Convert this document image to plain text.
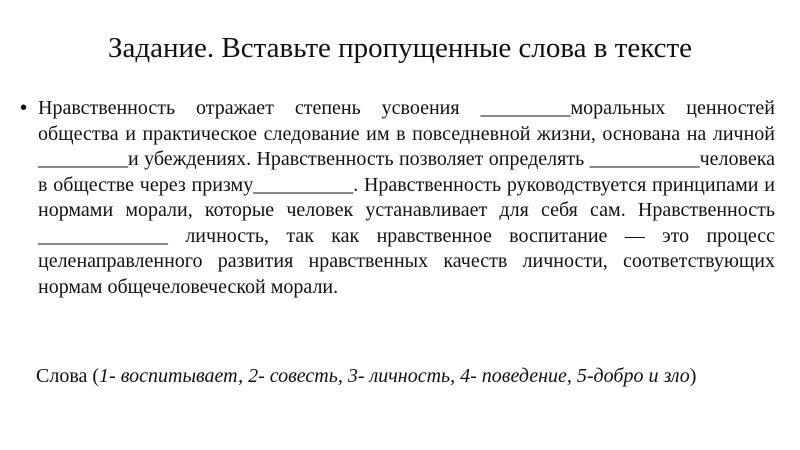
Задание. Вставьте пропущенные слова в тексте
• Нравственность отражает степень усвоения _________моральных ценностей общества и практическое следование им в повседневной жизни, основана на личной _________и убеждениях. Нравственность позволяет определять ___________человека в обществе через призму__________. Нравственность руководствуется принципами и нормами морали, которые человек устанавливает для себя сам. Нравственность _____________ личность, так как нравственное воспитание — это процесс целенаправленного развития нравственных качеств личности, соответствующих нормам общечеловеческой морали.

Слова (1- воспитывает, 2- совесть, 3- личность, 4- поведение, 5-добро и зло)
